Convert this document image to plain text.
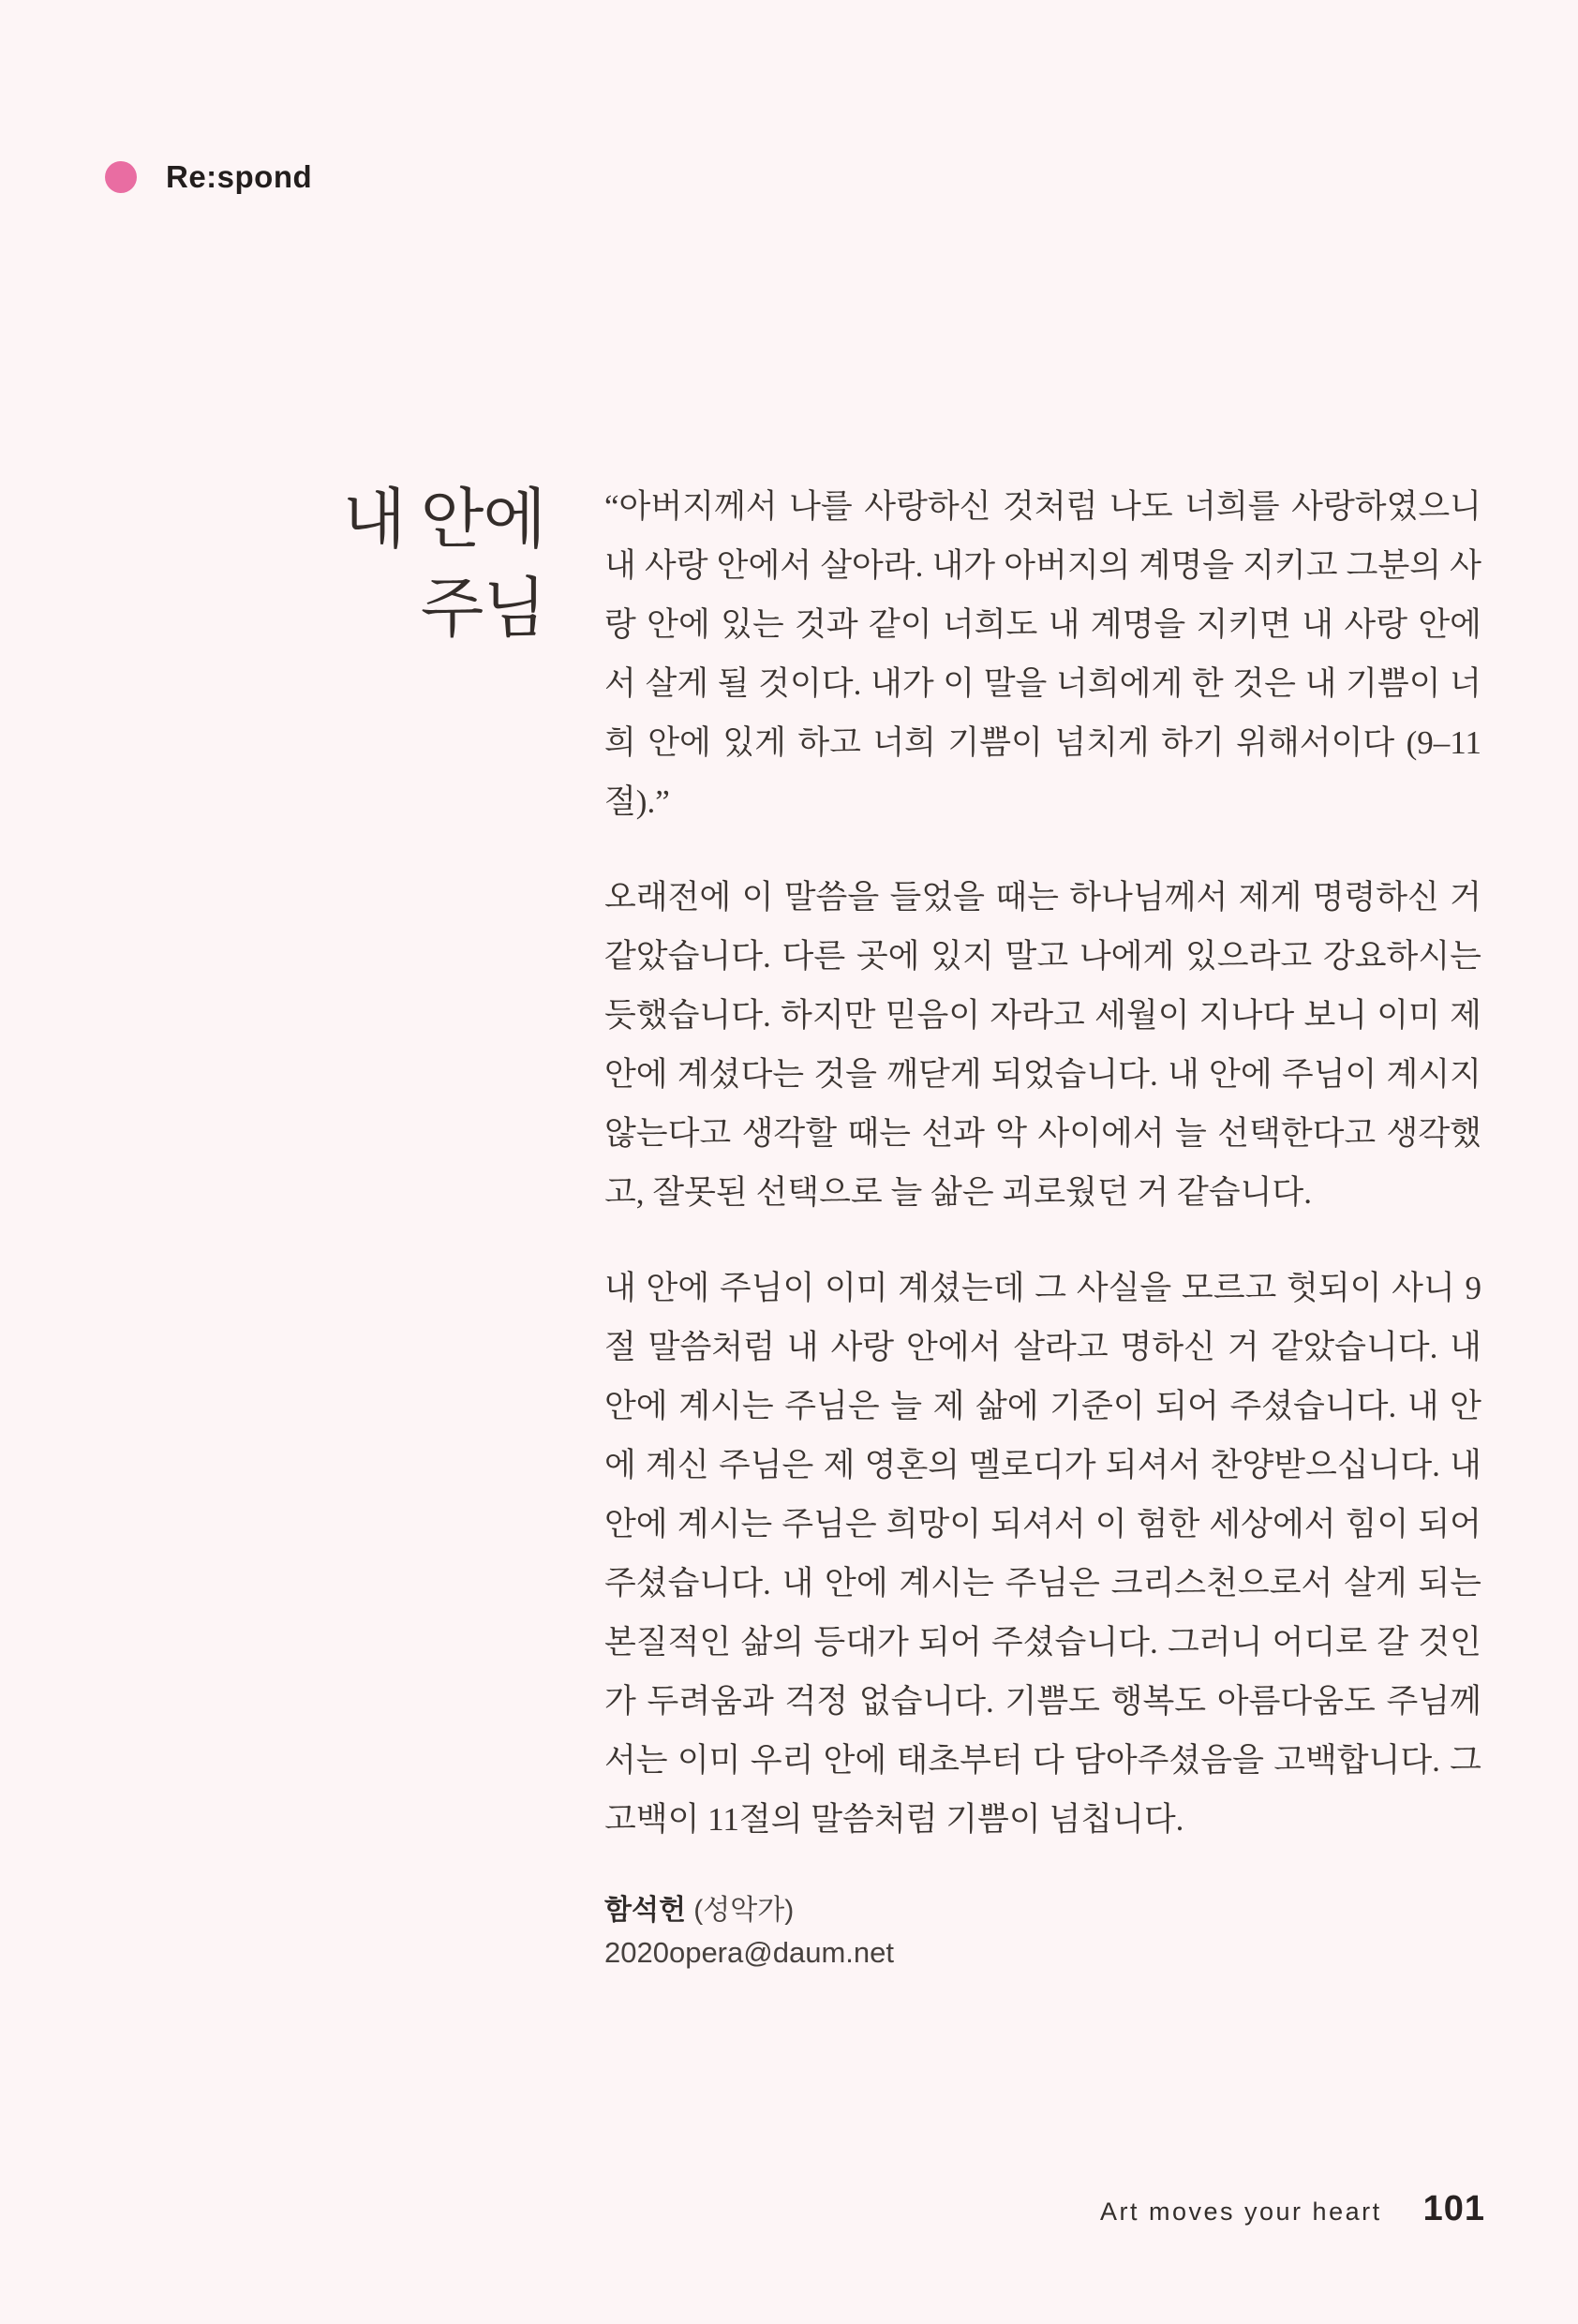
Re:spond
내 안에
주님

“아버지께서 나를 사랑하신 것처럼 나도 너희를 사랑하였으니 내 사랑 안에서 살아라. 내가 아버지의 계명을 지키고 그분의 사랑 안에 있는 것과 같이 너희도 내 계명을 지키면 내 사랑 안에서 살게 될 것이다. 내가 이 말을 너희에게 한 것은 내 기쁨이 너희 안에 있게 하고 너희 기쁨이 넘치게 하기 위해서이다 (9–11절).”

오래전에 이 말씀을 들었을 때는 하나님께서 제게 명령하신 거 같았습니다. 다른 곳에 있지 말고 나에게 있으라고 강요하시는듯했습니다. 하지만 믿음이 자라고 세월이 지나다 보니 이미 제 안에 계셨다는 것을 깨닫게 되었습니다. 내 안에 주님이 계시지 않는다고 생각할 때는 선과 악 사이에서 늘 선택한다고 생각했고, 잘못된 선택으로 늘 삶은 괴로웠던 거 같습니다.

내 안에 주님이 이미 계셨는데 그 사실을 모르고 헛되이 사니 9절 말씀처럼 내 사랑 안에서 살라고 명하신 거 같았습니다. 내 안에 계시는 주님은 늘 제 삶에 기준이 되어 주셨습니다. 내 안에 계신 주님은 제 영혼의 멜로디가 되셔서 찬양받으십니다. 내 안에 계시는 주님은 희망이 되셔서 이 험한 세상에서 힘이 되어 주셨습니다. 내 안에 계시는 주님은 크리스천으로서 살게 되는 본질적인 삶의 등대가 되어 주셨습니다. 그러니 어디로 갈 것인가 두려움과 걱정 없습니다. 기쁨도 행복도 아름다움도 주님께서는 이미 우리 안에 태초부터 다 담아주셨음을 고백합니다. 그 고백이 11절의 말씀처럼 기쁨이 넘칩니다.

함석헌 (성악가)
2020opera@daum.net
Art moves your heart 101
